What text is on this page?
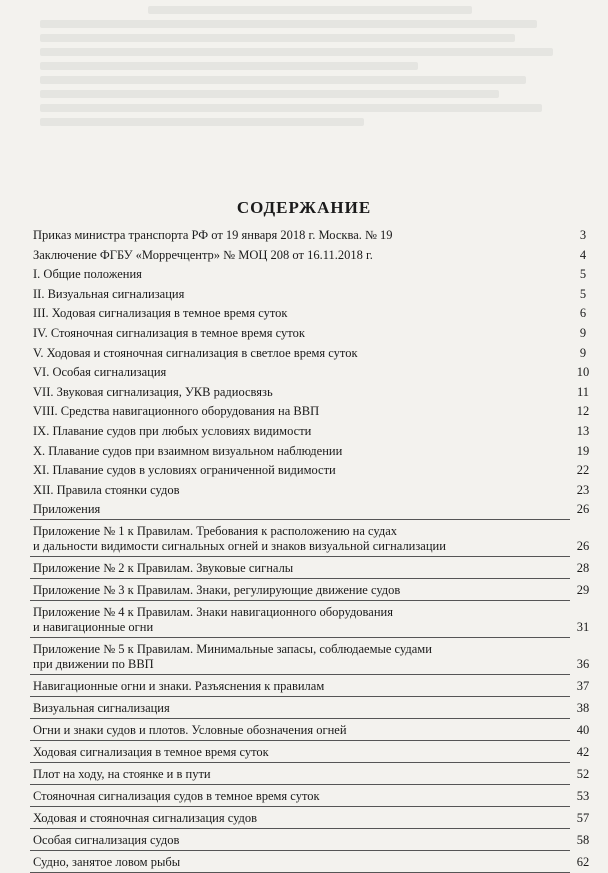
СОДЕРЖАНИЕ
Приказ министра транспорта РФ от 19 января 2018 г. Москва. № 19	3
Заключение ФГБУ «Морречцентр» № МОЦ 208 от 16.11.2018 г.	4
I. Общие положения	5
II. Визуальная сигнализация	5
III. Ходовая сигнализация в темное время суток	6
IV. Стояночная сигнализация в темное время суток	9
V. Ходовая и стояночная сигнализация в светлое время суток	9
VI. Особая сигнализация	10
VII. Звуковая сигнализация, УКВ радиосвязь	11
VIII. Средства навигационного оборудования на ВВП	12
IX. Плавание судов при любых условиях видимости	13
X. Плавание судов при взаимном визуальном наблюдении	19
XI. Плавание судов в условиях ограниченной видимости	22
XII. Правила стоянки судов	23
Приложения	26
Приложение № 1 к Правилам. Требования к расположению на судах
и дальности видимости сигнальных огней и знаков визуальной сигнализации	26
Приложение № 2 к Правилам. Звуковые сигналы	28
Приложение № 3 к Правилам. Знаки, регулирующие движение судов	29
Приложение № 4 к Правилам. Знаки навигационного оборудования
и навигационные огни	31
Приложение № 5 к Правилам. Минимальные запасы, соблюдаемые судами
при движении по ВВП	36
Навигационные огни и знаки. Разъяснения к правилам	37
Визуальная сигнализация	38
Огни и знаки судов и плотов. Условные обозначения огней	40
Ходовая сигнализация в темное время суток	42
Плот на ходу, на стоянке и в пути	52
Стояночная сигнализация судов в темное время суток	53
Ходовая и стояночная сигнализация судов	57
Особая сигнализация судов	58
Судно, занятое ловом рыбы	62
